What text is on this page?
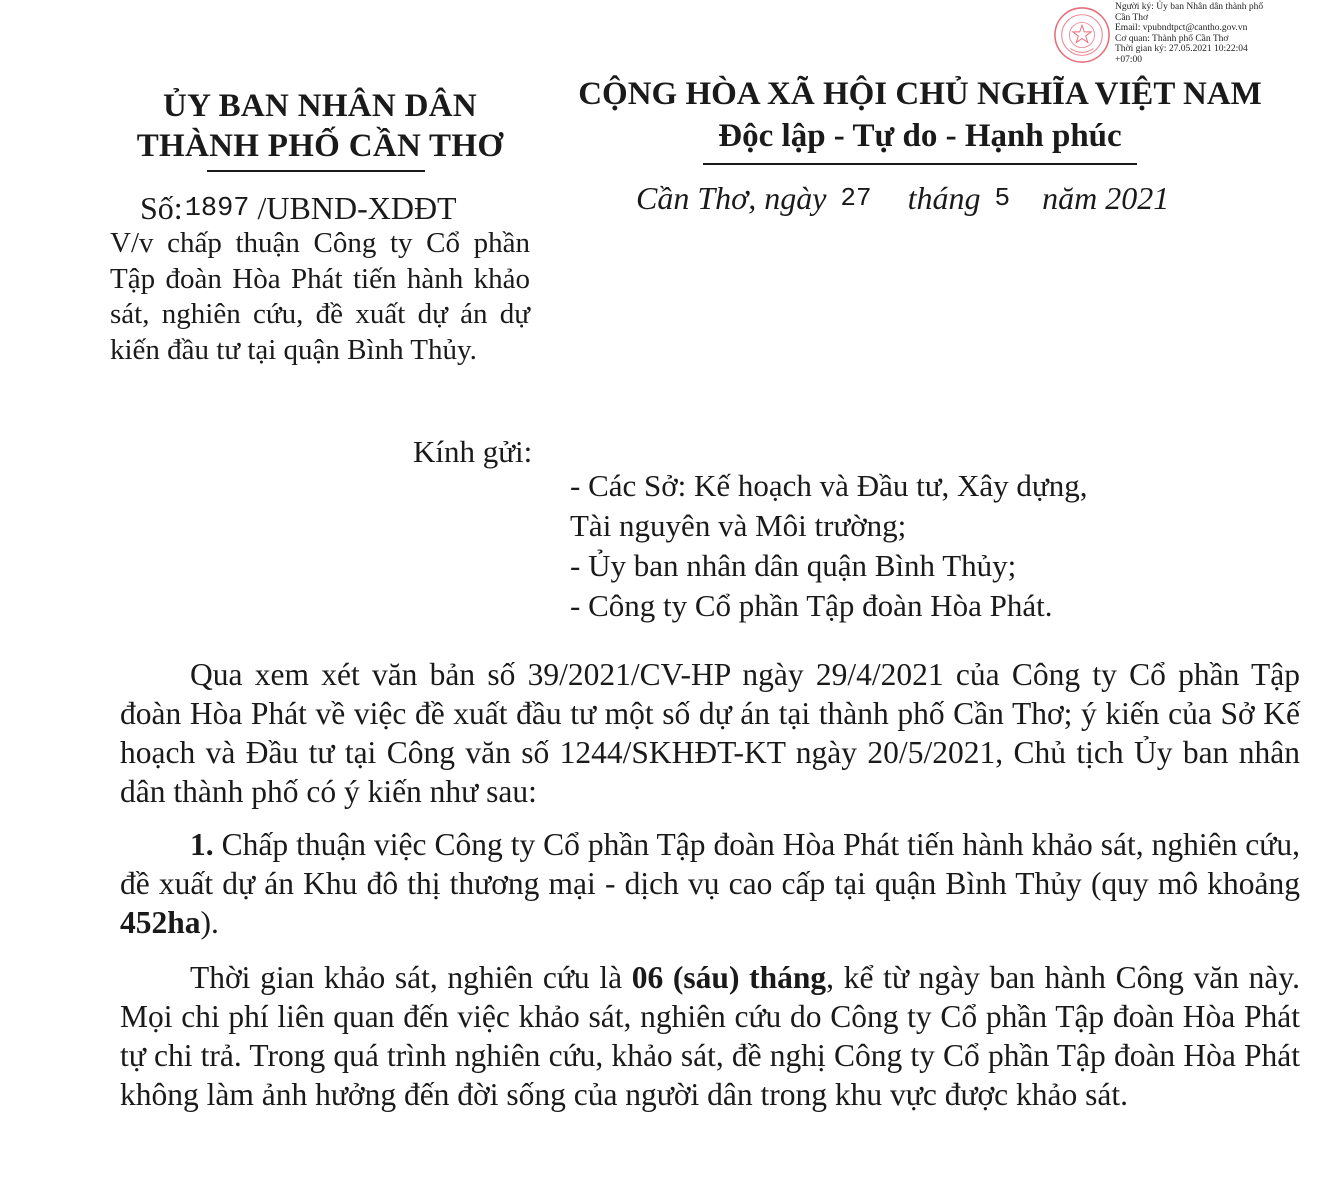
Người ký: Ủy ban Nhân dân thành phố
Cần Thơ
Email: vpubndtpct@cantho.gov.vn
Cơ quan: Thành phố Cần Thơ
Thời gian ký: 27.05.2021 10:22:04
+07:00
ỦY BAN NHÂN DÂN
THÀNH PHỐ CẦN THƠ
Số:1897 /UBND-XDĐT
CỘNG HÒA XÃ HỘI CHỦ NGHĨA VIỆT NAM
Độc lập - Tự do - Hạnh phúc
Cần Thơ, ngày 27 tháng 5 năm 2021
V/v chấp thuận Công ty Cổ phần Tập đoàn Hòa Phát tiến hành khảo sát, nghiên cứu, đề xuất dự án dự kiến đầu tư tại quận Bình Thủy.
Kính gửi:
- Các Sở: Kế hoạch và Đầu tư, Xây dựng,
Tài nguyên và Môi trường;
- Ủy ban nhân dân quận Bình Thủy;
- Công ty Cổ phần Tập đoàn Hòa Phát.

Qua xem xét văn bản số 39/2021/CV-HP ngày 29/4/2021 của Công ty Cổ phần Tập đoàn Hòa Phát về việc đề xuất đầu tư một số dự án tại thành phố Cần Thơ; ý kiến của Sở Kế hoạch và Đầu tư tại Công văn số 1244/SKHĐT-KT ngày 20/5/2021, Chủ tịch Ủy ban nhân dân thành phố có ý kiến như sau:

1. Chấp thuận việc Công ty Cổ phần Tập đoàn Hòa Phát tiến hành khảo sát, nghiên cứu, đề xuất dự án Khu đô thị thương mại - dịch vụ cao cấp tại quận Bình Thủy (quy mô khoảng 452ha).

Thời gian khảo sát, nghiên cứu là 06 (sáu) tháng, kể từ ngày ban hành Công văn này. Mọi chi phí liên quan đến việc khảo sát, nghiên cứu do Công ty Cổ phần Tập đoàn Hòa Phát tự chi trả. Trong quá trình nghiên cứu, khảo sát, đề nghị Công ty Cổ phần Tập đoàn Hòa Phát không làm ảnh hưởng đến đời sống của người dân trong khu vực được khảo sát.
